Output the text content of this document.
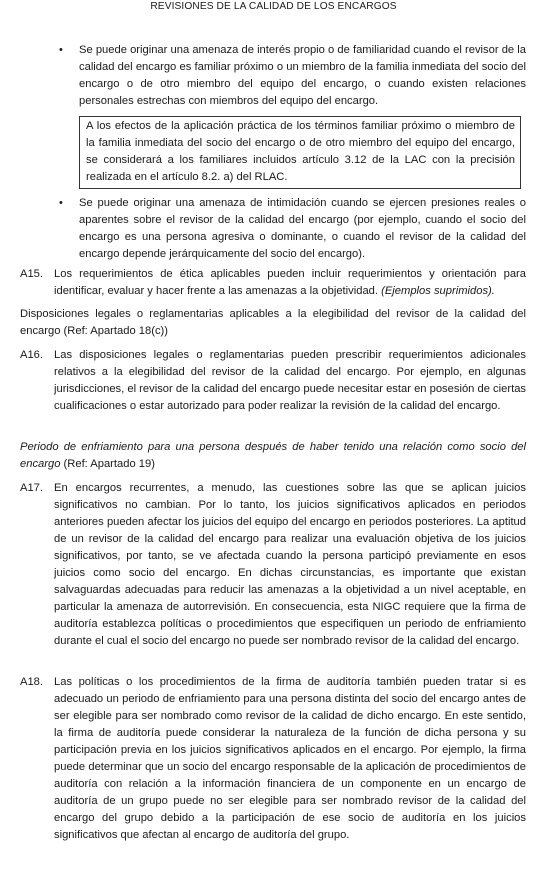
REVISIONES DE LA CALIDAD DE LOS ENCARGOS
• Se puede originar una amenaza de interés propio o de familiaridad cuando el revisor de la calidad del encargo es familiar próximo o un miembro de la familia inmediata del socio del encargo o de otro miembro del equipo del encargo, o cuando existen relaciones personales estrechas con miembros del equipo del encargo.
A los efectos de la aplicación práctica de los términos familiar próximo o miembro de la familia inmediata del socio del encargo o de otro miembro del equipo del encargo, se considerará a los familiares incluidos artículo 3.12 de la LAC con la precisión realizada en el artículo 8.2. a) del RLAC.
• Se puede originar una amenaza de intimidación cuando se ejercen presiones reales o aparentes sobre el revisor de la calidad del encargo (por ejemplo, cuando el socio del encargo es una persona agresiva o dominante, o cuando el revisor de la calidad del encargo depende jerárquicamente del socio del encargo).
A15. Los requerimientos de ética aplicables pueden incluir requerimientos y orientación para identificar, evaluar y hacer frente a las amenazas a la objetividad. (Ejemplos suprimidos).
Disposiciones legales o reglamentarias aplicables a la elegibilidad del revisor de la calidad del encargo (Ref: Apartado 18(c))
A16. Las disposiciones legales o reglamentarias pueden prescribir requerimientos adicionales relativos a la elegibilidad del revisor de la calidad del encargo. Por ejemplo, en algunas jurisdicciones, el revisor de la calidad del encargo puede necesitar estar en posesión de ciertas cualificaciones o estar autorizado para poder realizar la revisión de la calidad del encargo.
Periodo de enfriamiento para una persona después de haber tenido una relación como socio del encargo (Ref: Apartado 19)
A17. En encargos recurrentes, a menudo, las cuestiones sobre las que se aplican juicios significativos no cambian. Por lo tanto, los juicios significativos aplicados en periodos anteriores pueden afectar los juicios del equipo del encargo en periodos posteriores. La aptitud de un revisor de la calidad del encargo para realizar una evaluación objetiva de los juicios significativos, por tanto, se ve afectada cuando la persona participó previamente en esos juicios como socio del encargo. En dichas circunstancias, es importante que existan salvaguardas adecuadas para reducir las amenazas a la objetividad a un nivel aceptable, en particular la amenaza de autorrevisión. En consecuencia, esta NIGC requiere que la firma de auditoría establezca políticas o procedimientos que especifiquen un periodo de enfriamiento durante el cual el socio del encargo no puede ser nombrado revisor de la calidad del encargo.
A18. Las políticas o los procedimientos de la firma de auditoría también pueden tratar si es adecuado un periodo de enfriamiento para una persona distinta del socio del encargo antes de ser elegible para ser nombrado como revisor de la calidad de dicho encargo. En este sentido, la firma de auditoría puede considerar la naturaleza de la función de dicha persona y su participación previa en los juicios significativos aplicados en el encargo. Por ejemplo, la firma puede determinar que un socio del encargo responsable de la aplicación de procedimientos de auditoría con relación a la información financiera de un componente en un encargo de auditoría de un grupo puede no ser elegible para ser nombrado revisor de la calidad del encargo del grupo debido a la participación de ese socio de auditoría en los juicios significativos que afectan al encargo de auditoría del grupo.
